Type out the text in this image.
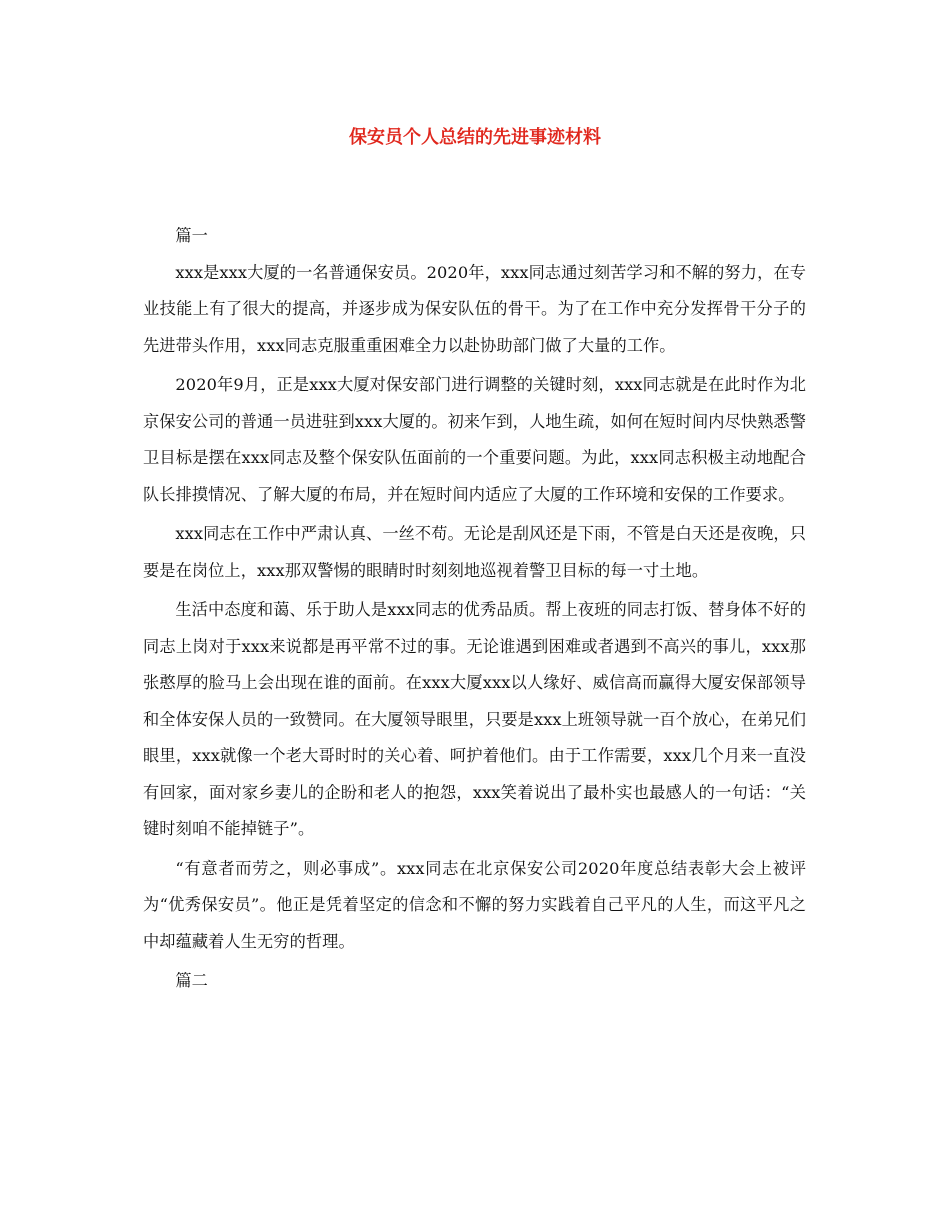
保安员个人总结的先进事迹材料

篇一

xxx是xxx大厦的一名普通保安员。2020年，xxx同志通过刻苦学习和不解的努力，在专业技能上有了很大的提高，并逐步成为保安队伍的骨干。为了在工作中充分发挥骨干分子的先进带头作用，xxx同志克服重重困难全力以赴协助部门做了大量的工作。

2020年9月，正是xxx大厦对保安部门进行调整的关键时刻，xxx同志就是在此时作为北京保安公司的普通一员进驻到xxx大厦的。初来乍到，人地生疏，如何在短时间内尽快熟悉警卫目标是摆在xxx同志及整个保安队伍面前的一个重要问题。为此，xxx同志积极主动地配合队长排摸情况、了解大厦的布局，并在短时间内适应了大厦的工作环境和安保的工作要求。

xxx同志在工作中严肃认真、一丝不苟。无论是刮风还是下雨，不管是白天还是夜晚，只要是在岗位上，xxx那双警惕的眼睛时时刻刻地巡视着警卫目标的每一寸土地。

生活中态度和蔼、乐于助人是xxx同志的优秀品质。帮上夜班的同志打饭、替身体不好的同志上岗对于xxx来说都是再平常不过的事。无论谁遇到困难或者遇到不高兴的事儿，xxx那张憨厚的脸马上会出现在谁的面前。在xxx大厦xxx以人缘好、威信高而赢得大厦安保部领导和全体安保人员的一致赞同。在大厦领导眼里，只要是xxx上班领导就一百个放心，在弟兄们眼里，xxx就像一个老大哥时时的关心着、呵护着他们。由于工作需要，xxx几个月来一直没有回家，面对家乡妻儿的企盼和老人的抱怨，xxx笑着说出了最朴实也最感人的一句话：“关键时刻咱不能掉链子”。

“有意者而劳之，则必事成”。xxx同志在北京保安公司2020年度总结表彰大会上被评为“优秀保安员”。他正是凭着坚定的信念和不懈的努力实践着自己平凡的人生，而这平凡之中却蕴藏着人生无穷的哲理。

篇二
